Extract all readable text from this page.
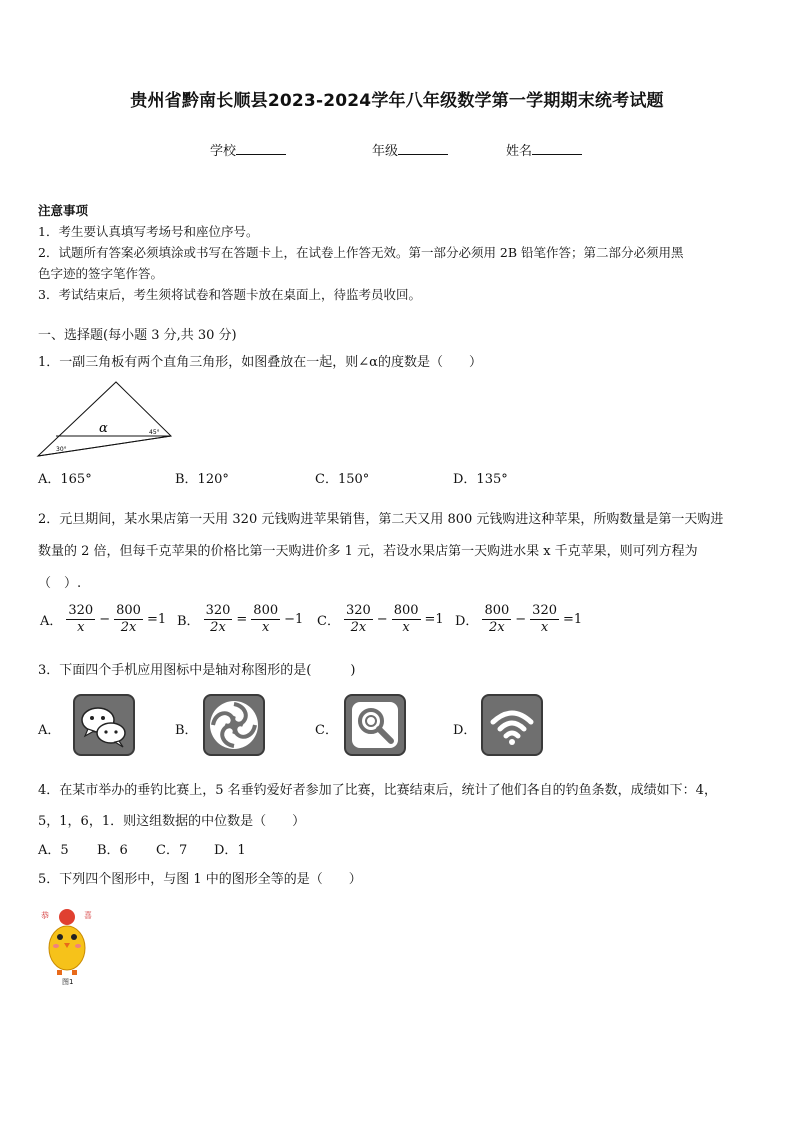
贵州省黔南长顺县2023-2024学年八年级数学第一学期期末统考试题
学校	年级	姓名
注意事项
1．考生要认真填写考场号和座位序号。
2．试题所有答案必须填涂或书写在答题卡上，在试卷上作答无效。第一部分必须用 2B 铅笔作答；第二部分必须用黑
色字迹的签字笔作答。
3．考试结束后，考生须将试卷和答题卡放在桌面上，待监考员收回。
一、选择题(每小题 3 分,共 30 分)
1．一副三角板有两个直角三角形，如图叠放在一起，则∠α的度数是（　　）
α
30°
45°
A．165°	B．120°	C．150°	D．135°
2．元旦期间，某水果店第一天用 320 元钱购进苹果销售，第二天又用 800 元钱购进这种苹果，所购数量是第一天购进
数量的 2 倍，但每千克苹果的价格比第一天购进价多 1 元，若设水果店第一天购进水果 x 千克苹果，则可列方程为
（　）.
A． $\frac{320}{x} - \frac{800}{2x} =1$ B． $\frac{320}{2x} = \frac{800}{x} -1$ C． $\frac{320}{2x} - \frac{800}{x} =1$ D． $\frac{800}{2x} - \frac{320}{x} =1$
3．下面四个手机应用图标中是轴对称图形的是(　　　)
A．	B．	C．	D．
4．在某市举办的垂钓比赛上，5 名垂钓爱好者参加了比赛，比赛结束后，统计了他们各自的钓鱼条数，成绩如下：4，
5，1，6，1．则这组数据的中位数是（　　）
A．5 B．6 C．7 D．1
5．下列四个图形中，与图 1 中的图形全等的是（　　）
恭	喜
图1
